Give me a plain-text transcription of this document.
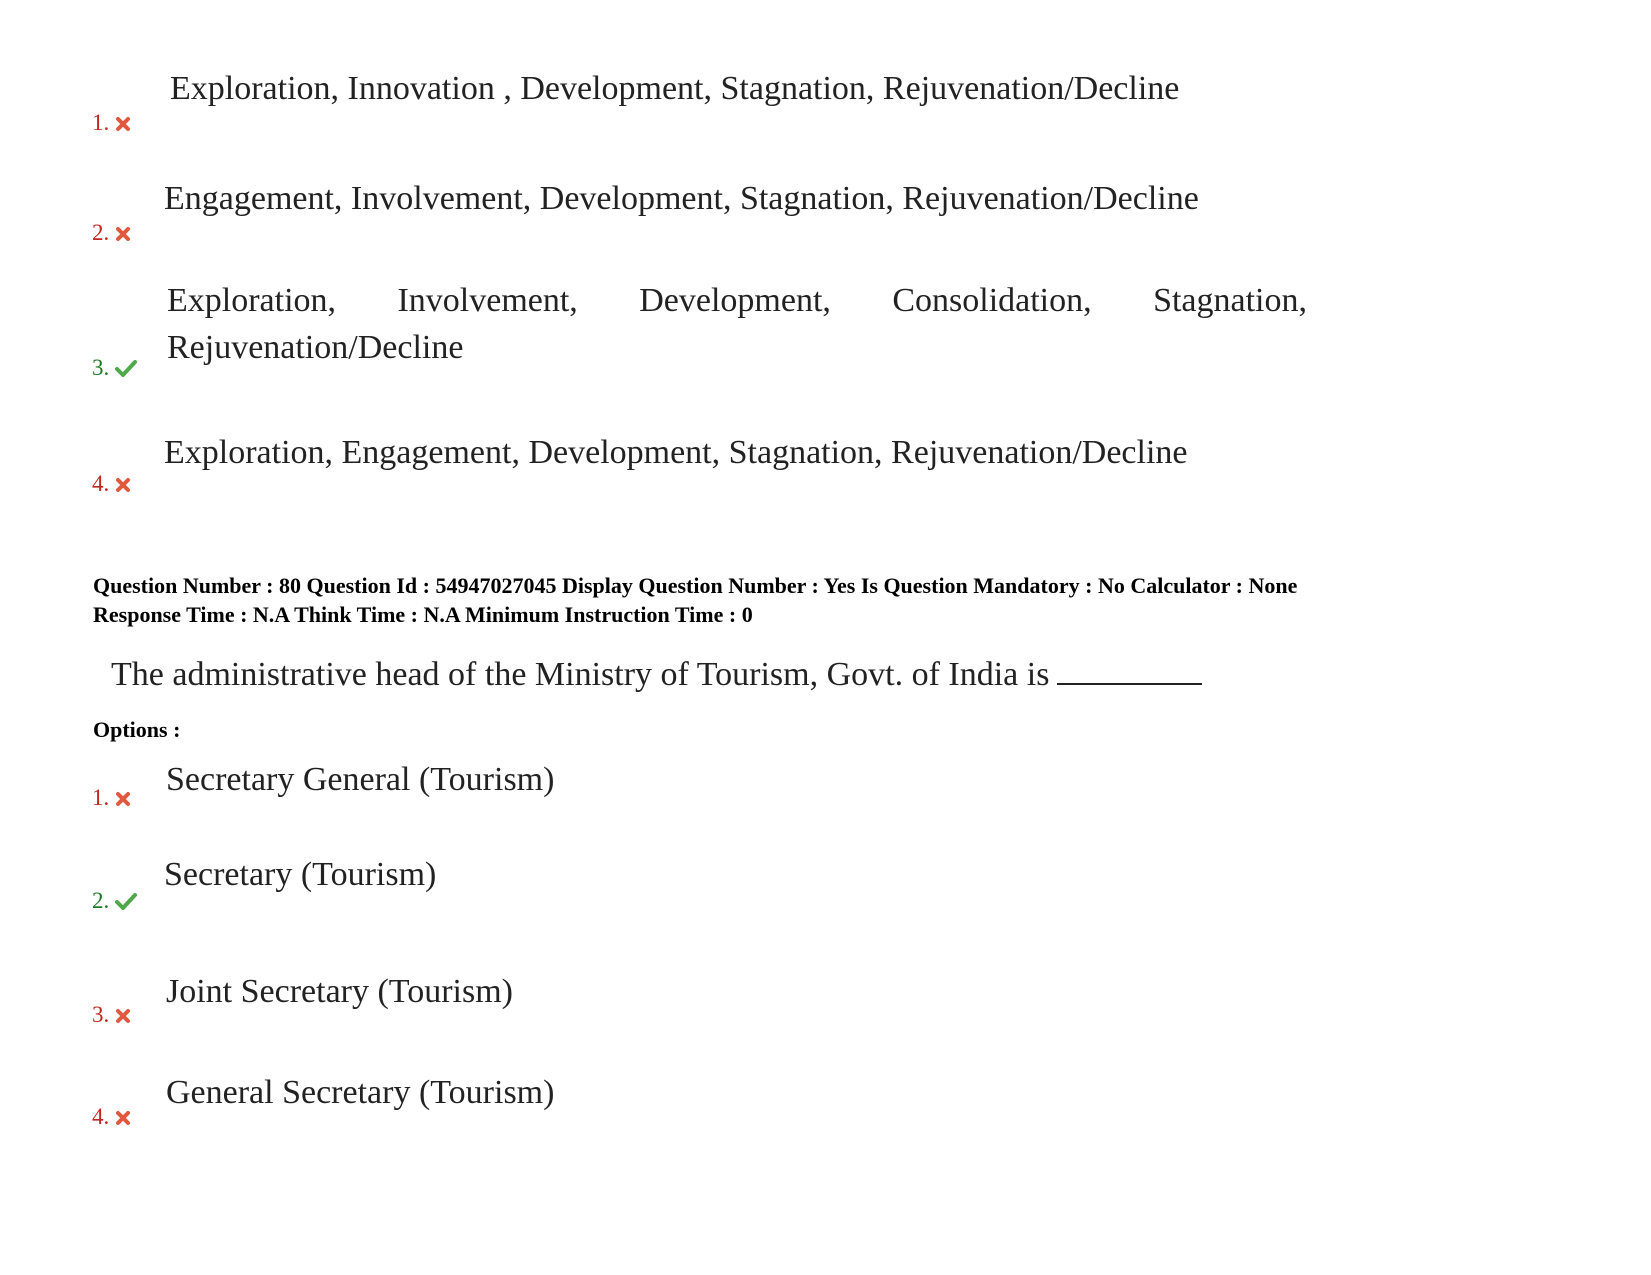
1.
Exploration, Innovation , Development, Stagnation, Rejuvenation/Decline
2.
Engagement, Involvement, Development, Stagnation, Rejuvenation/Decline
3.
Exploration, Involvement, Development, Consolidation, Stagnation,
Rejuvenation/Decline
4.
Exploration, Engagement, Development, Stagnation, Rejuvenation/Decline
Question Number : 80 Question Id : 54947027045 Display Question Number : Yes Is Question Mandatory : No Calculator : None
Response Time : N.A Think Time : N.A Minimum Instruction Time : 0
The administrative head of the Ministry of Tourism, Govt. of India is
Options :
1.	Secretary General (Tourism)
2.
Secretary (Tourism)
3.
Joint Secretary (Tourism)
4.
General Secretary (Tourism)
